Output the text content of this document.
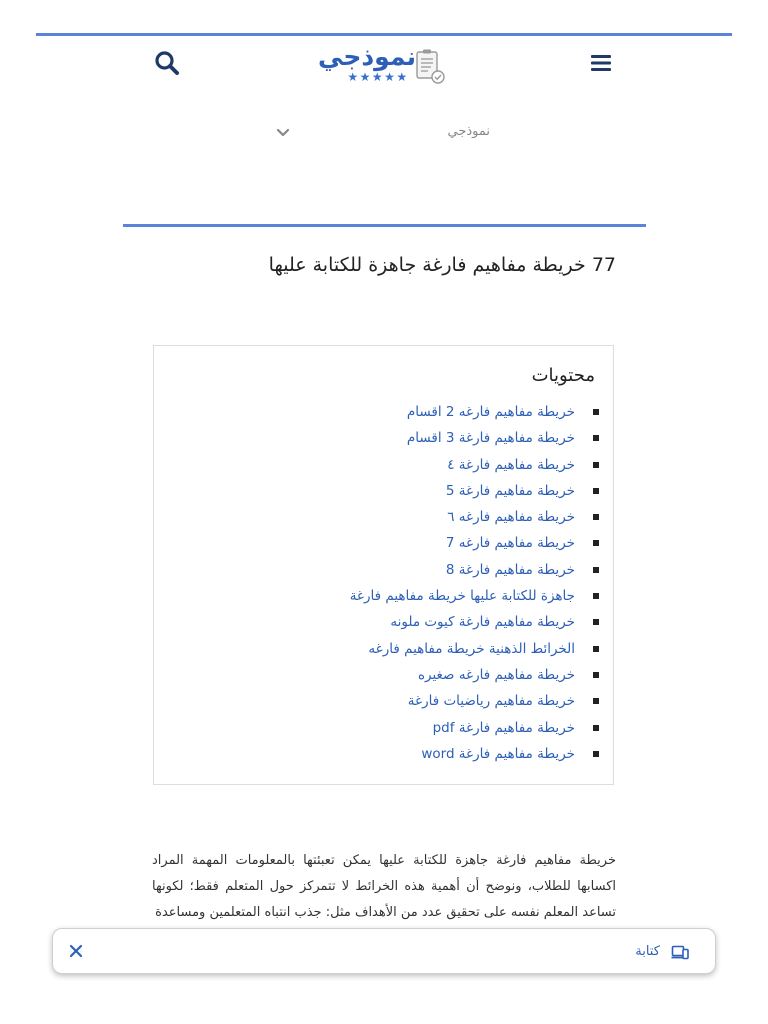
نموذجي
★★★★★
نموذجي
77 خريطة مفاهيم فارغة جاهزة للكتابة عليها
محتويات
خريطة مفاهيم فارغه 2 اقسام
خريطة مفاهيم فارغة 3 اقسام
خريطة مفاهيم فارغة ٤
خريطة مفاهيم فارغة 5
خريطة مفاهيم فارغه ٦
خريطة مفاهيم فارغه 7
خريطة مفاهيم فارغة 8
جاهزة للكتابة عليها خريطة مفاهيم فارغة
خريطة مفاهيم فارغة كيوت ملونه
الخرائط الذهنية خريطة مفاهيم فارغه
خريطة مفاهيم فارغه صغيره
خريطة مفاهيم رياضيات فارغة
خريطة مفاهيم فارغة pdf
خريطة مفاهيم فارغة word

خريطة مفاهيم فارغة جاهزة للكتابة عليها يمكن تعبئتها بالمعلومات المهمة المراد اكسابها للطلاب، ونوضح أن أهمية هذه الخرائط لا تتمركز حول المتعلم فقط؛ لكونها تساعد المعلم نفسه على تحقيق عدد من الأهداف مثل: جذب انتباه المتعلمين ومساعدة

كتابة
